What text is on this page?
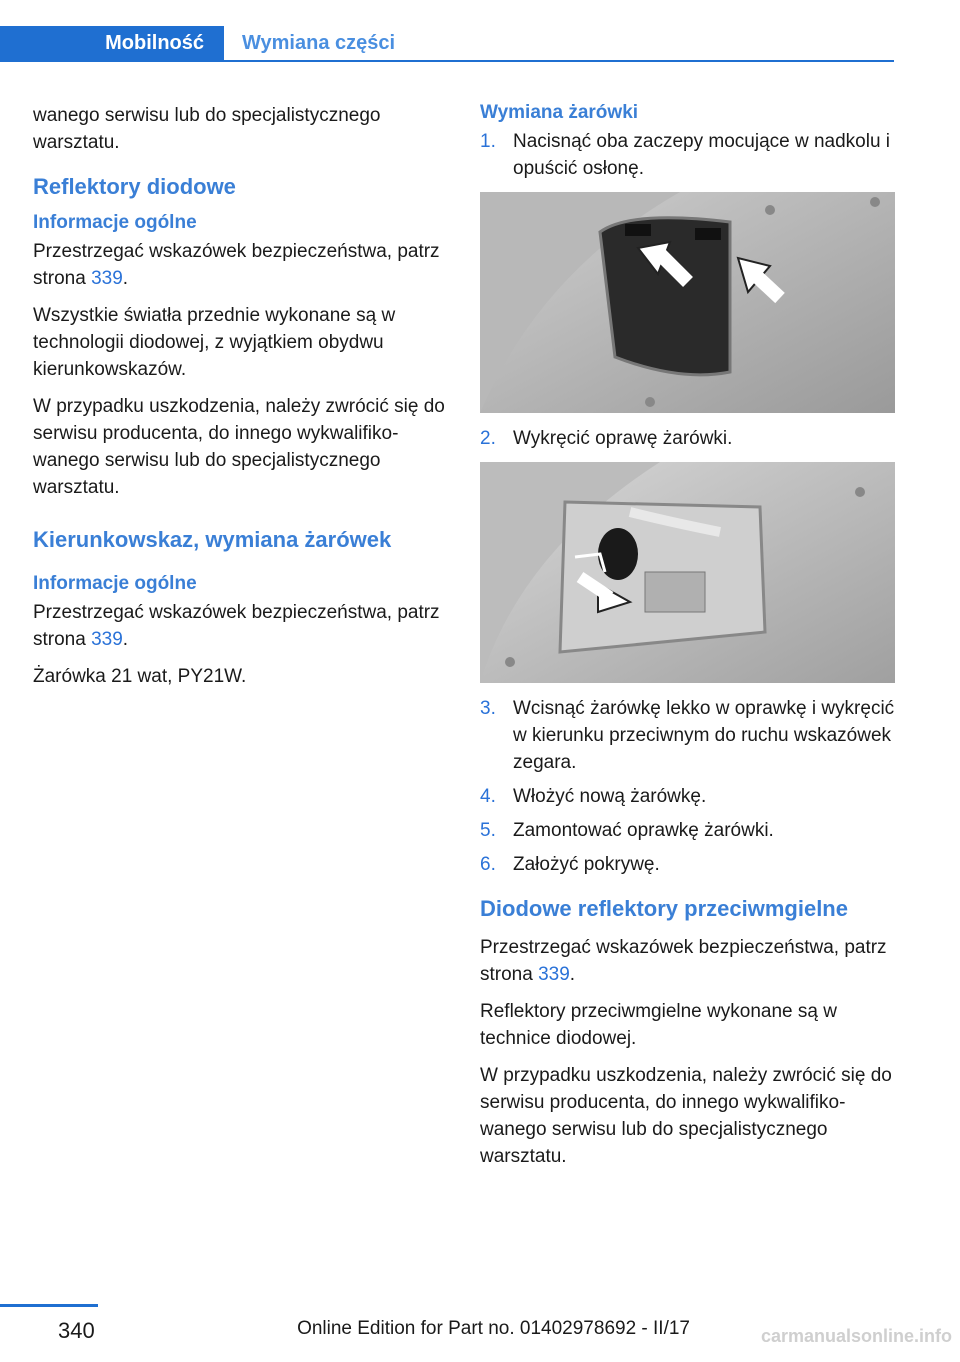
Mobilność Wymiana części

wanego serwisu lub do specjalistycznego warsztatu.

Reflektory diodowe
Informacje ogólne

Przestrzegać wskazówek bezpieczeństwa, patrz strona 339.

Wszystkie światła przednie wykonane są w technologii diodowej, z wyjątkiem obydwu kierunkowskazów.

W przypadku uszkodzenia, należy zwrócić się do serwisu producenta, do innego wykwalifikowanego serwisu lub do specjalistycznego warsztatu.

Kierunkowskaz, wymiana żarówek
Informacje ogólne

Przestrzegać wskazówek bezpieczeństwa, patrz strona 339.

Żarówka 21 wat, PY21W.

Wymiana żarówki
1. Nacisnąć oba zaczepy mocujące w nadkolu i opuścić osłonę.
2. Wykręcić oprawę żarówki.
3. Wcisnąć żarówkę lekko w oprawkę i wykręcić w kierunku przeciwnym do ruchu wskazówek zegara.
4. Włożyć nową żarówkę.
5. Zamontować oprawkę żarówki.
6. Założyć pokrywę.
Diodowe reflektory przeciwmgielne

Przestrzegać wskazówek bezpieczeństwa, patrz strona 339.

Reflektory przeciwmgielne wykonane są w technice diodowej.

W przypadku uszkodzenia, należy zwrócić się do serwisu producenta, do innego wykwalifikowanego serwisu lub do specjalistycznego warsztatu.

340	Online Edition for Part no. 01402978692 - II/17	carmanualsonline.info
